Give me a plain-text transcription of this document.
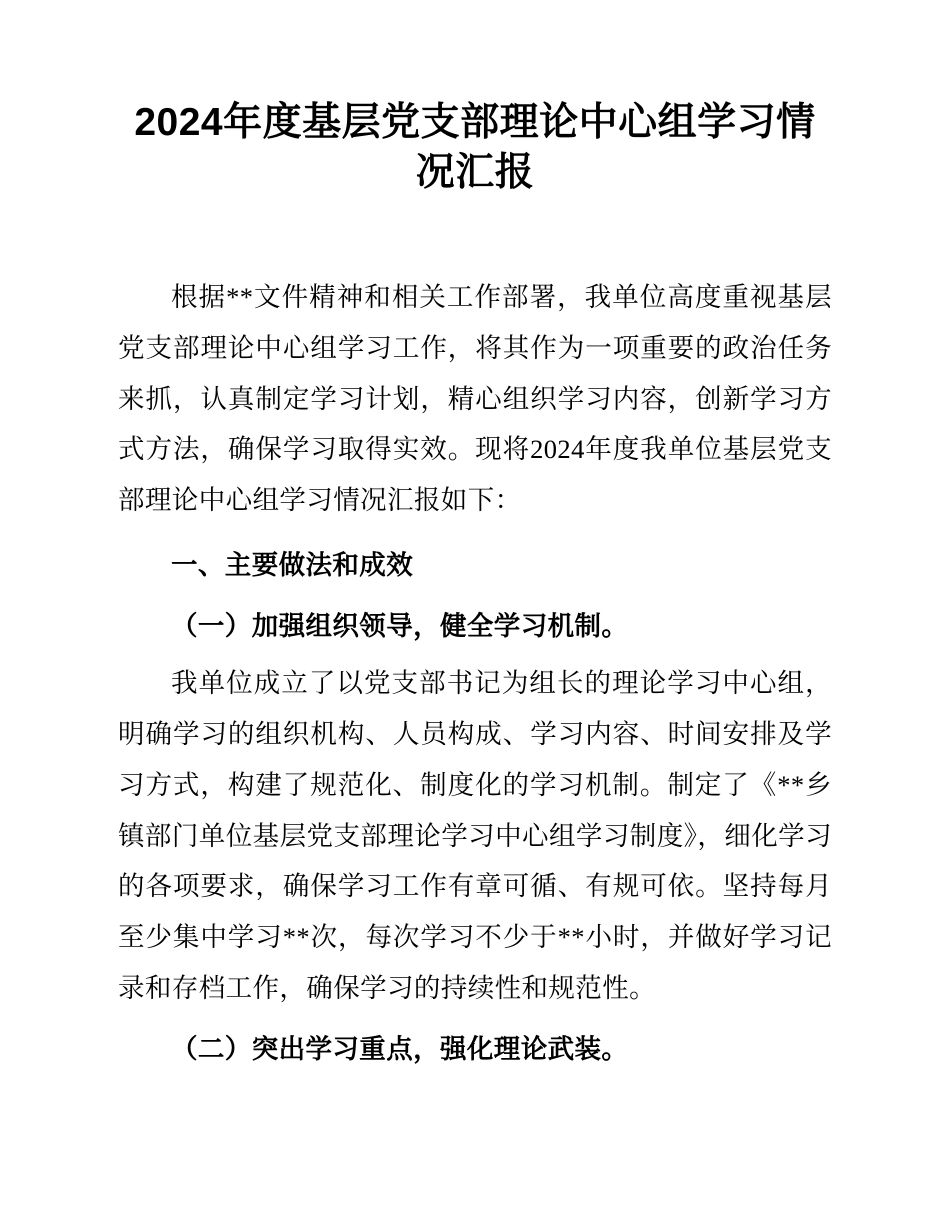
2024年度基层党支部理论中心组学习情况汇报

根据**文件精神和相关工作部署，我单位高度重视基层党支部理论中心组学习工作，将其作为一项重要的政治任务来抓，认真制定学习计划，精心组织学习内容，创新学习方式方法，确保学习取得实效。现将2024年度我单位基层党支部理论中心组学习情况汇报如下：

一、主要做法和成效

（一）加强组织领导，健全学习机制。

我单位成立了以党支部书记为组长的理论学习中心组，明确学习的组织机构、人员构成、学习内容、时间安排及学习方式，构建了规范化、制度化的学习机制。制定了《**乡镇部门单位基层党支部理论学习中心组学习制度》，细化学习的各项要求，确保学习工作有章可循、有规可依。坚持每月至少集中学习**次，每次学习不少于**小时，并做好学习记录和存档工作，确保学习的持续性和规范性。

（二）突出学习重点，强化理论武装。
